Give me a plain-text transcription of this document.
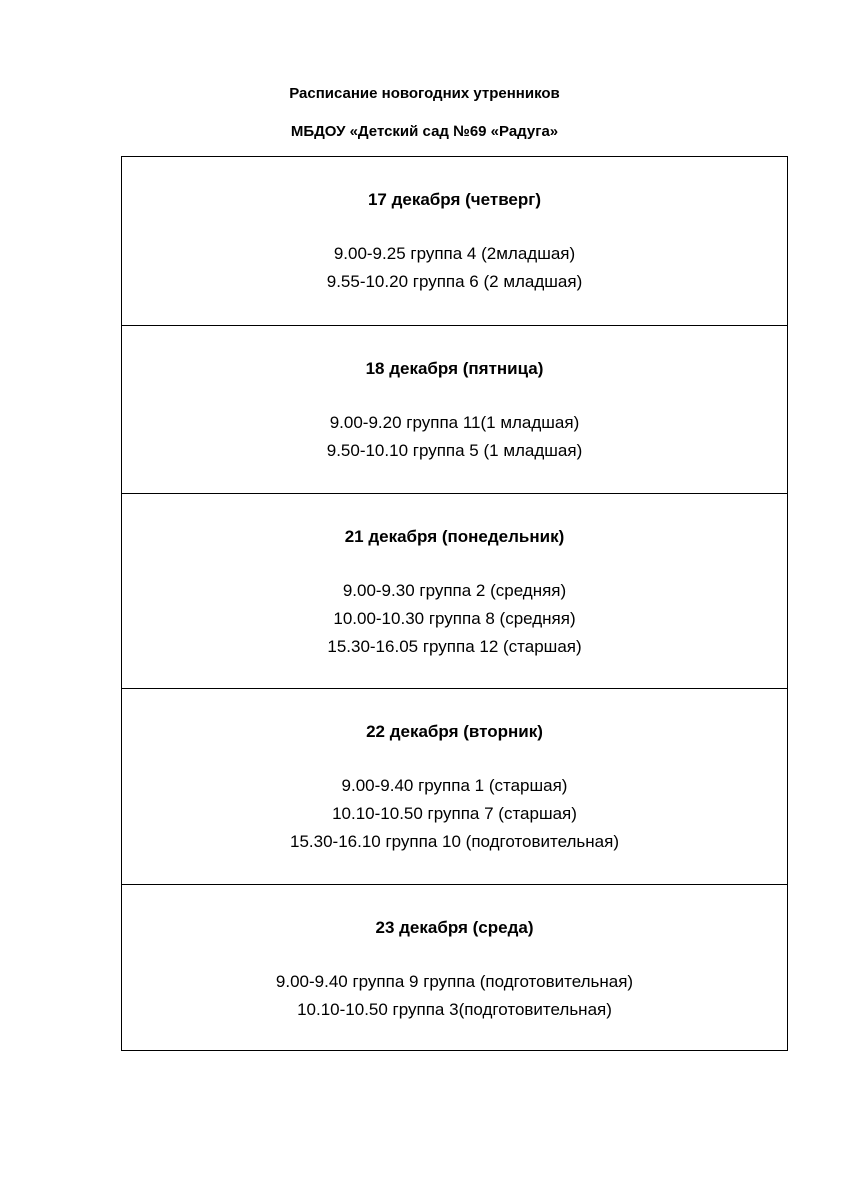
Расписание новогодних утренников
МБДОУ «Детский сад №69 «Радуга»

17 декабря (четверг)

9.00-9.25 группа 4 (2младшая)

9.55-10.20 группа 6 (2 младшая)

18 декабря (пятница)

9.00-9.20 группа 11(1 младшая)

9.50-10.10 группа 5 (1 младшая)

21 декабря (понедельник)

9.00-9.30 группа 2 (средняя)

10.00-10.30 группа 8 (средняя)

15.30-16.05 группа 12 (старшая)

22 декабря (вторник)

9.00-9.40 группа 1 (старшая)

10.10-10.50 группа 7 (старшая)

15.30-16.10 группа 10 (подготовительная)

23 декабря (среда)

9.00-9.40 группа 9 группа (подготовительная)

10.10-10.50 группа 3(подготовительная)
